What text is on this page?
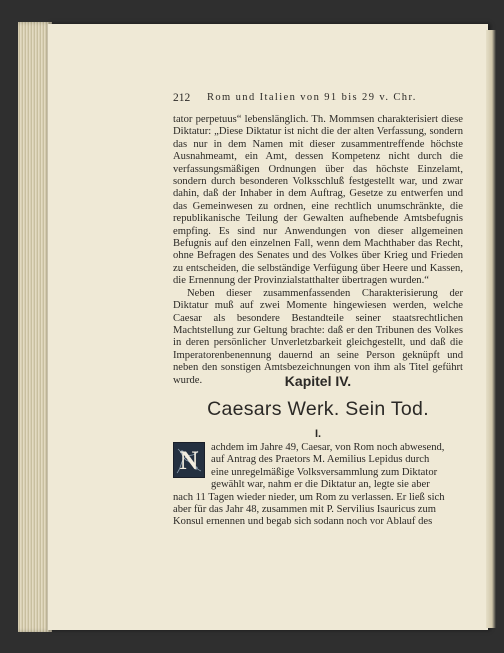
212 Rom und Italien von 91 bis 29 v. Chr.

tator perpetuus“ lebenslänglich. Th. Mommsen charakterisiert diese Diktatur: „Diese Diktatur ist nicht die der alten Verfassung, sondern das nur in dem Namen mit dieser zusammentreffende höchste Ausnahmeamt, ein Amt, dessen Kompetenz nicht durch die verfassungsmäßigen Ordnungen über das höchste Einzelamt, sondern durch besonderen Volksschluß festgestellt war, und zwar dahin, daß der Inhaber in dem Auftrag, Gesetze zu entwerfen und das Gemeinwesen zu ordnen, eine rechtlich unumschränkte, die republikanische Teilung der Gewalten aufhebende Amtsbefugnis empfing. Es sind nur Anwendungen von dieser allgemeinen Befugnis auf den einzelnen Fall, wenn dem Machthaber das Recht, ohne Befragen des Senates und des Volkes über Krieg und Frieden zu entscheiden, die selbständige Verfügung über Heere und Kassen, die Ernennung der Provinzialstatthalter übertragen wurden.“

Neben dieser zusammenfassenden Charakterisierung der Diktatur muß auf zwei Momente hingewiesen werden, welche Caesar als besondere Bestandteile seiner staatsrechtlichen Machtstellung zur Geltung brachte: daß er den Tribunen des Volkes in deren persönlicher Unverletzbarkeit gleichgestellt, und daß die Imperatorenbenennung dauernd an seine Person geknüpft und neben den sonstigen Amtsbezeichnungen von ihm als Titel geführt wurde.	Kapitel IV.
Caesars Werk. Sein Tod.
I.
achdem im Jahre 49, Caesar, von Rom noch abwesend,
auf Antrag des Praetors M. Aemilius Lepidus durch
eine unregelmäßige Volksversammlung zum Diktator
gewählt war, nahm er die Diktatur an, legte sie aber
nach 11 Tagen wieder nieder, um Rom zu verlassen. Er ließ sich
aber für das Jahr 48, zusammen mit P. Servilius Isauricus zum
Konsul ernennen und begab sich sodann noch vor Ablauf des
N
